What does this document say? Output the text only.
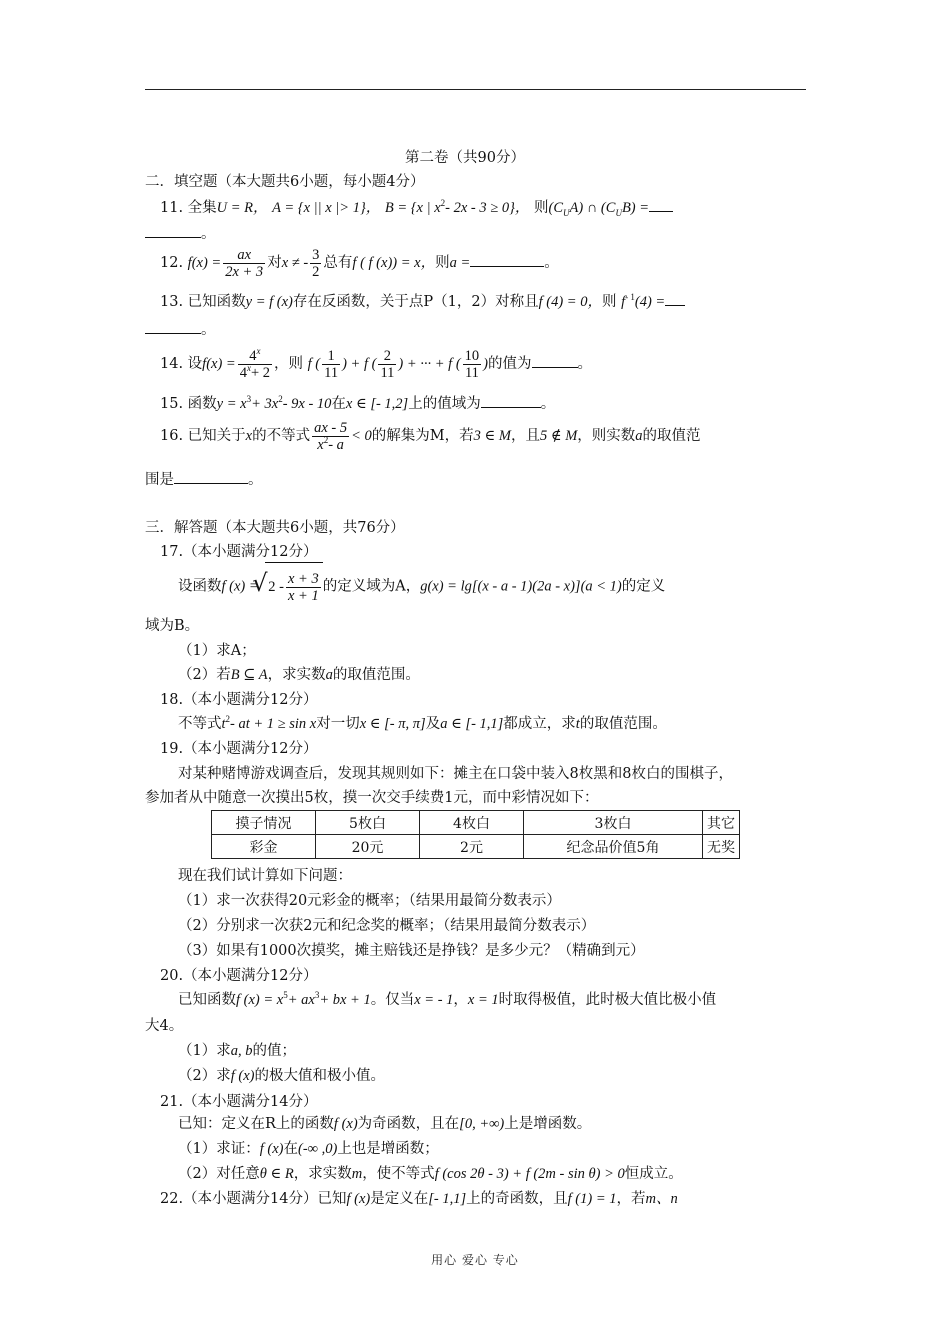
第二卷（共90分）
二．填空题（本大题共6小题，每小题4分）
11. 全集U = R， A = {x || x |> 1}， B = {x | $x^2-$ 2x - 3 ≥ 0}， 则$(C_UA)$ ∩ $(C_UB)$ =
。
12. $f(x) = \frac{ax}{2x + 3}$ 对x ≠ - $\frac{3}{2}$ 总有f ( f (x)) = x，则a =	。
13. 已知函数y = f (x)存在反函数，关于点P（1，2）对称且f (4) = 0，则 $f^{- 1}(4)$ =
。
14. 设$f(x) = \frac{4^x}{4^x+ 2}$ ，则 f ( $\frac{1}{11}$ ) + f ( $\frac{2}{11}$ ) + ··· + f ( $\frac{10}{11}$ )的值为	。
15. 函数$y = x^3+ 3x^2-$ 9x - 10在x ∈ [- 1,2]上的值域为	。
16. 已知关于x的不等式 $\frac{ax - 5}{x^2- a} < 0$的解集为M，若3 ∈ M，且5 ∉ M，则实数a的取值范
围是	。
三．解答题（本大题共6小题，共76分）
17.（本小题满分12分）
设函数f (x) = √ $2 - \frac{x + 3}{x + 1}$ 的定义域为A，g(x) = lg[(x - a - 1)(2a - x)](a < 1)的定义
域为B。
（1）求A；
（2）若B ⊆ A，求实数a的取值范围。
18.（本小题满分12分）
不等式$t^2-$ at + 1 ≥ sin x对一切x ∈ [- π, π]及a ∈ [- 1,1]都成立，求t的取值范围。
19.（本小题满分12分）
对某种赌博游戏调查后，发现其规则如下：摊主在口袋中装入8枚黑和8枚白的围棋子，
参加者从中随意一次摸出5枚，摸一次交手续费1元，而中彩情况如下：
摸子情况	5枚白	4枚白	3枚白	其它
彩金	20元	2元	纪念品价值5角	无奖
现在我们试计算如下问题：
（1）求一次获得20元彩金的概率；（结果用最简分数表示）
（2）分别求一次获2元和纪念奖的概率；（结果用最简分数表示）
（3）如果有1000次摸奖，摊主赔钱还是挣钱？是多少元？（精确到元）
20.（本小题满分12分）
已知函数f $(x) = x^5+ ax^3+$ bx + 1。仅当x = - 1，x = 1时取得极值，此时极大值比极小值
大4。
（1）求a, b的值；
（2）求f (x)的极大值和极小值。
21.（本小题满分14分）
已知：定义在R上的函数f (x)为奇函数，且在[0, +∞)上是增函数。
（1）求证：f (x)在(-∞ ,0)上也是增函数；
（2）对任意θ ∈ R，求实数m，使不等式f (cos 2θ - 3) + f (2m - sin θ) > 0恒成立。
22.（本小题满分14分）已知f (x)是定义在[- 1,1]上的奇函数，且f (1) = 1，若m、n
用心 爱心 专心
